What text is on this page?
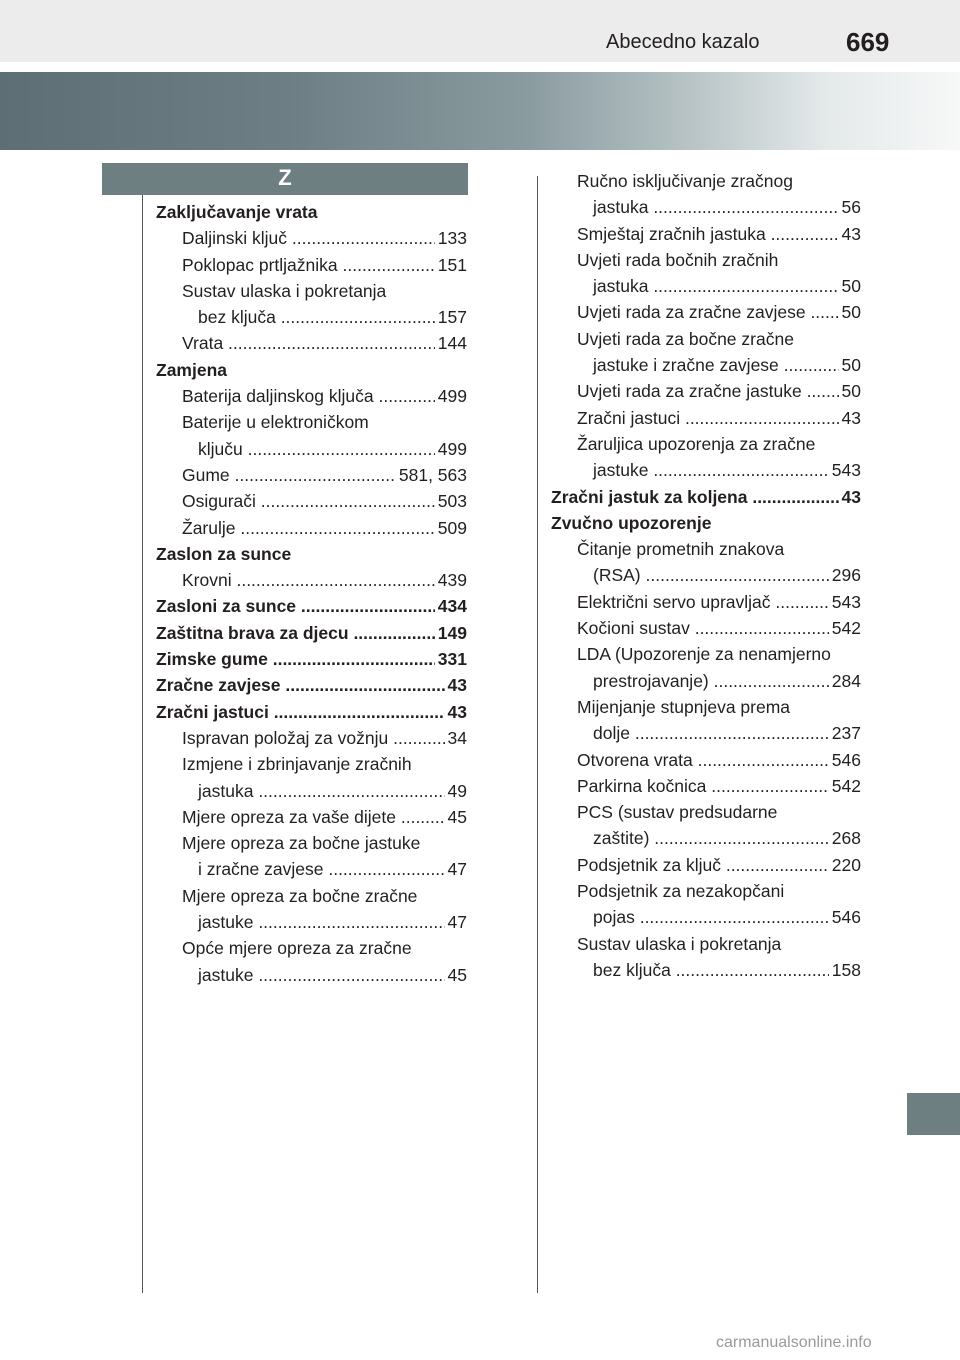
Abecedno kazalo	669
Z
Zaključavanje vrata
Daljinski ključ .....	133
Poklopac prtljažnika .....	151
Sustav ulaska i pokretanja
bez ključa .....	157
Vrata .....	144
Zamjena
Baterija daljinskog ključa .....	499
Baterije u elektroničkom
ključu .....	499
Gume .....	581, 563
Osigurači .....	503
Žarulje .....	509
Zaslon za sunce
Krovni .....	439
Zasloni za sunce .....	434
Zaštitna brava za djecu .....	149
Zimske gume .....	331
Zračne zavjese .....	43
Zračni jastuci .....	43
Ispravan položaj za vožnju .....	34
Izmjene i zbrinjavanje zračnih
jastuka .....	49
Mjere opreza za vaše dijete .....	45
Mjere opreza za bočne jastuke
i zračne zavjese .....	47
Mjere opreza za bočne zračne
jastuke .....	47
Opće mjere opreza za zračne
jastuke .....	45
Ručno isključivanje zračnog
jastuka .....	56
Smještaj zračnih jastuka .....	43
Uvjeti rada bočnih zračnih
jastuka .....	50
Uvjeti rada za zračne zavjese ..... 50
Uvjeti rada za bočne zračne
jastuke i zračne zavjese .....	50
Uvjeti rada za zračne jastuke ..... 50
Zračni jastuci .....	43
Žaruljica upozorenja za zračne
jastuke .....	543
Zračni jastuk za koljena .....	43
Zvučno upozorenje
Čitanje prometnih znakova
(RSA) .....	296
Električni servo upravljač .....	543
Kočioni sustav .....	542
LDA (Upozorenje za nenamjerno
prestrojavanje) .....	284
Mijenjanje stupnjeva prema
dolje .....	237
Otvorena vrata .....	546
Parkirna kočnica .....	542
PCS (sustav predsudarne
zaštite) .....	268
Podsjetnik za ključ .....	220
Podsjetnik za nezakopčani
pojas .....	546
Sustav ulaska i pokretanja
bez ključa .....	158
carmanualsonline.info
